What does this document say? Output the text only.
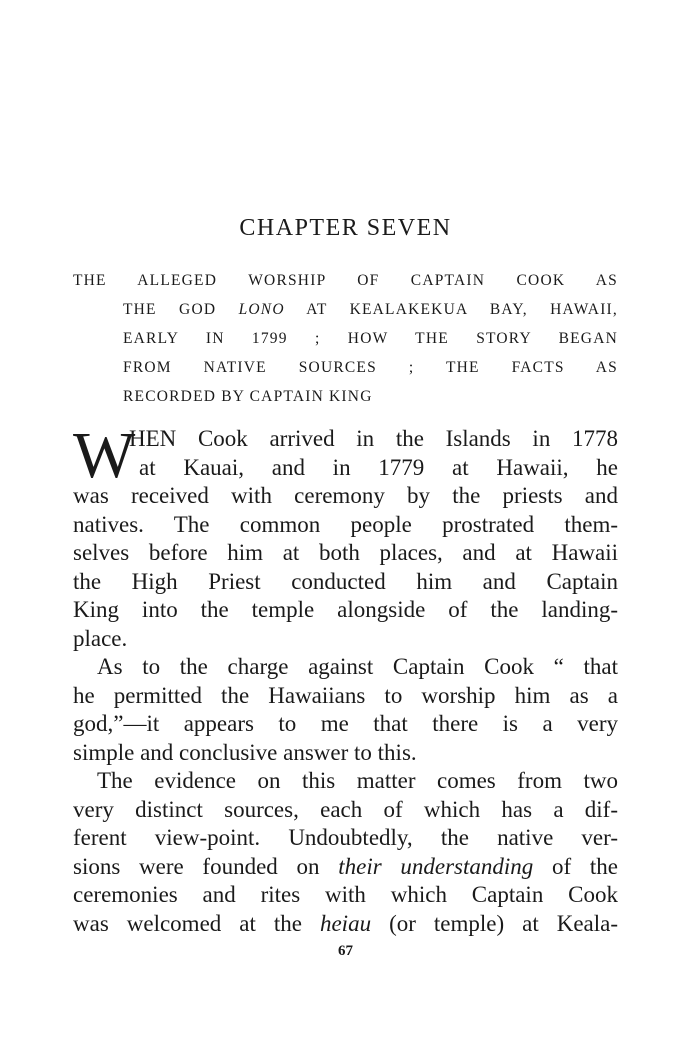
CHAPTER SEVEN
THE ALLEGED WORSHIP OF CAPTAIN COOK AS
THE GOD LONO AT KEALAKEKUA BAY, HAWAII,
EARLY IN 1799 ; HOW THE STORY BEGAN
FROM NATIVE SOURCES ; THE FACTS AS
RECORDED BY CAPTAIN KING
W
HEN Cook arrived in the Islands in 1778
at Kauai, and in 1779 at Hawaii, he
was received with ceremony by the priests and
natives. The common people prostrated them-
selves before him at both places, and at Hawaii
the High Priest conducted him and Captain
King into the temple alongside of the landing-
place.
As to the charge against Captain Cook “ that
he permitted the Hawaiians to worship him as a
god,”—it appears to me that there is a very
simple and conclusive answer to this.
The evidence on this matter comes from two
very distinct sources, each of which has a dif-
ferent view-point. Undoubtedly, the native ver-
sions were founded on their understanding of the
ceremonies and rites with which Captain Cook
was welcomed at the heiau (or temple) at Keala-
67
